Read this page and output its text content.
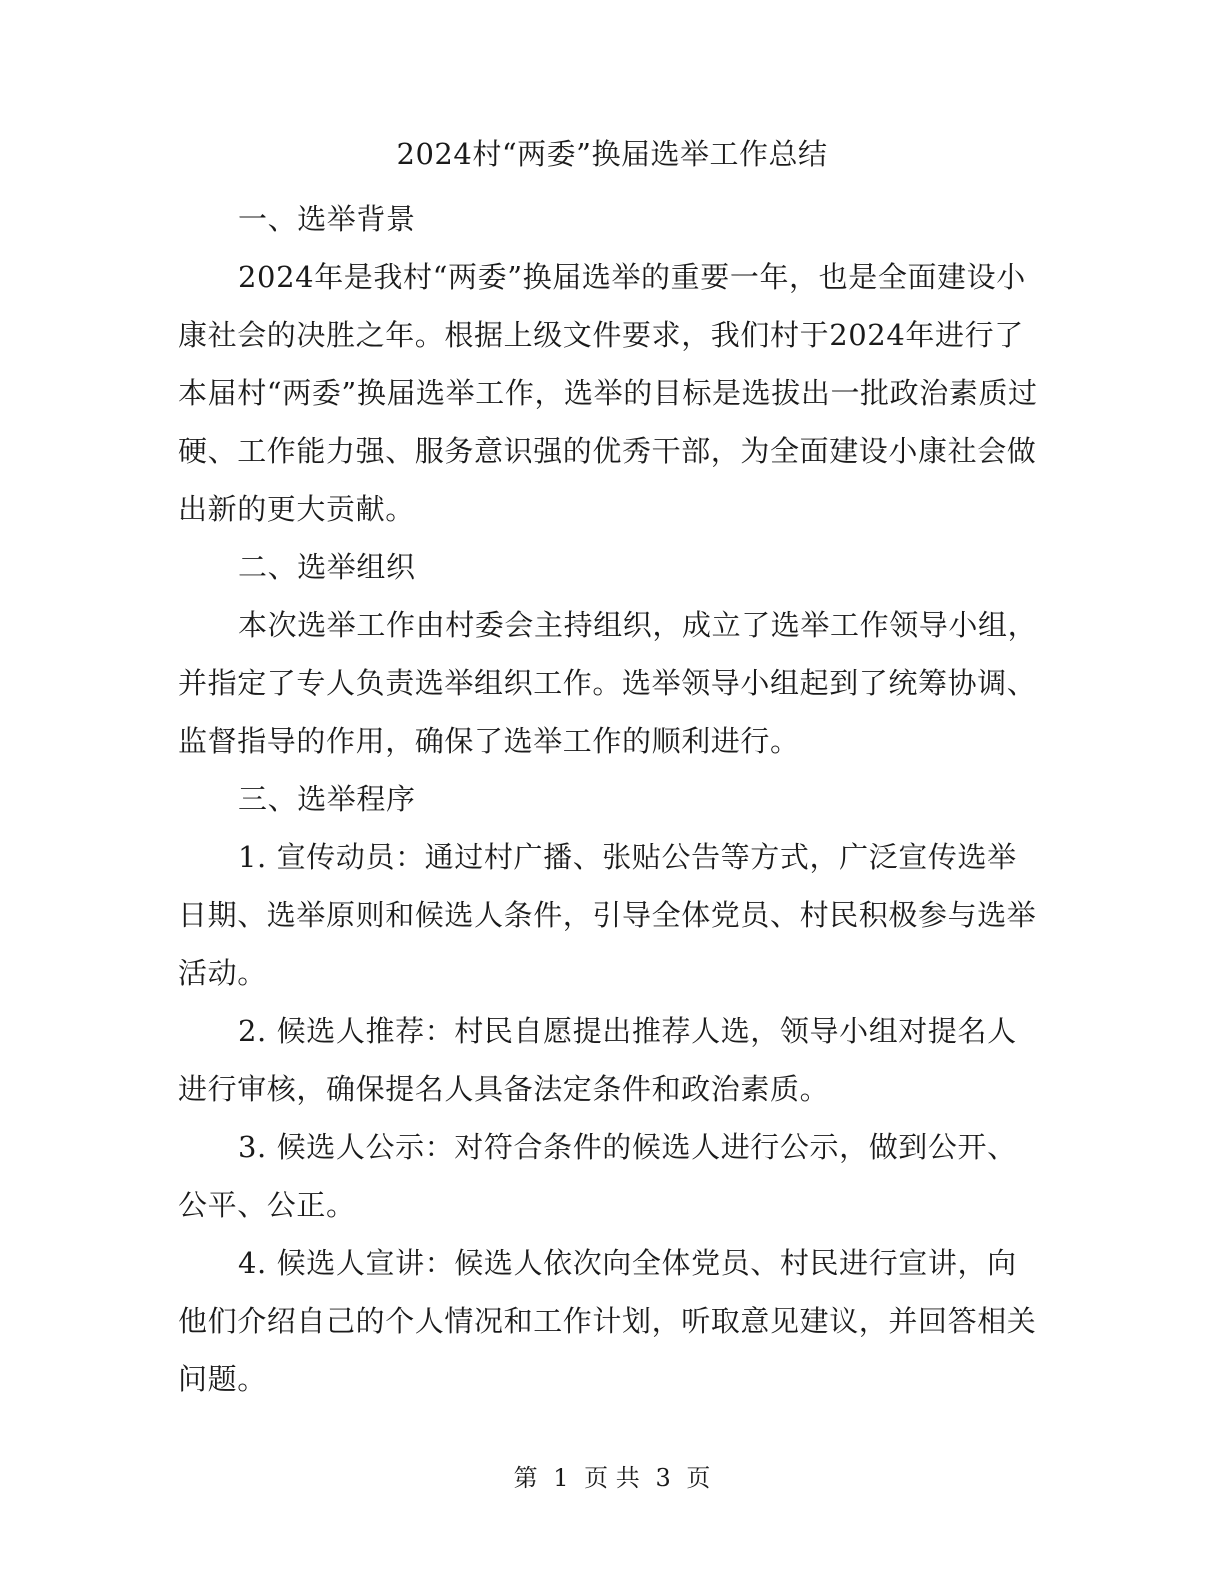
2024村“两委”换届选举工作总结

一、选举背景

2024年是我村“两委”换届选举的重要一年，也是全面建设小康社会的决胜之年。根据上级文件要求，我们村于2024年进行了本届村“两委”换届选举工作，选举的目标是选拔出一批政治素质过硬、工作能力强、服务意识强的优秀干部，为全面建设小康社会做出新的更大贡献。

二、选举组织

本次选举工作由村委会主持组织，成立了选举工作领导小组，并指定了专人负责选举组织工作。选举领导小组起到了统筹协调、监督指导的作用，确保了选举工作的顺利进行。

三、选举程序

1. 宣传动员：通过村广播、张贴公告等方式，广泛宣传选举日期、选举原则和候选人条件，引导全体党员、村民积极参与选举活动。

2. 候选人推荐：村民自愿提出推荐人选，领导小组对提名人进行审核，确保提名人具备法定条件和政治素质。

3. 候选人公示：对符合条件的候选人进行公示，做到公开、公平、公正。

4. 候选人宣讲：候选人依次向全体党员、村民进行宣讲，向他们介绍自己的个人情况和工作计划，听取意见建议，并回答相关问题。

第 1 页 共 3 页
